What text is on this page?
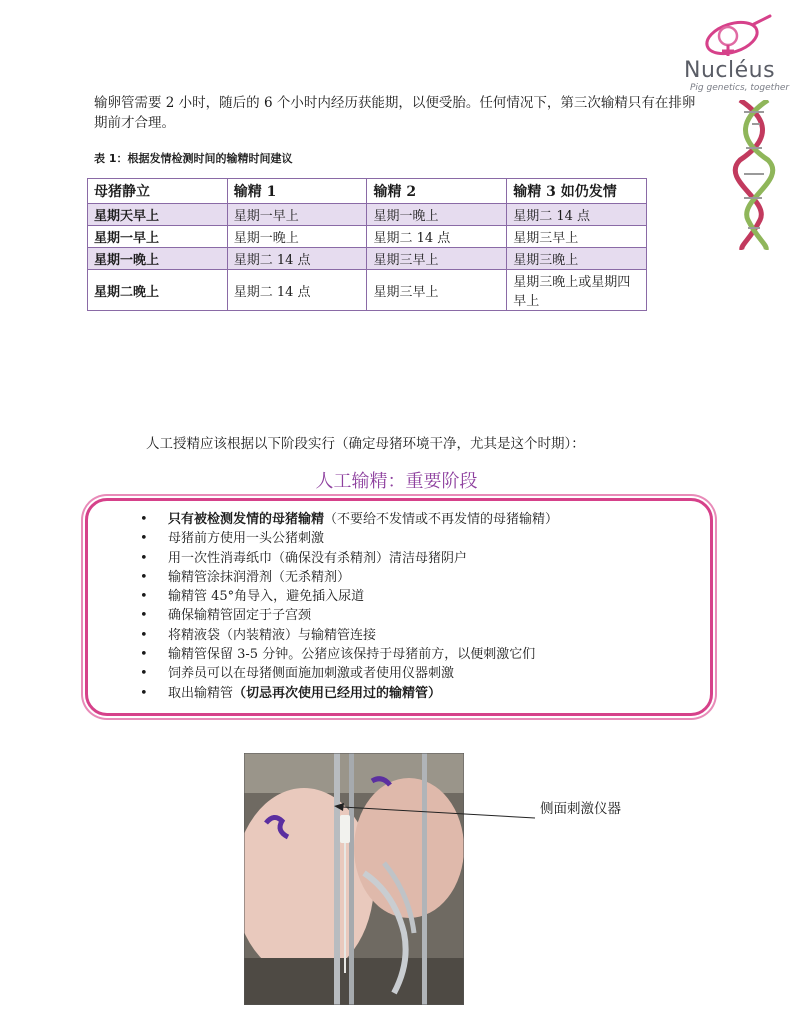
Nucléus
Pig genetics, together

输卵管需要 2 小时，随后的 6 个小时内经历获能期，以便受胎。任何情况下，第三次输精只有在排卵期前才合理。

表 1：根据发情检测时间的输精时间建议

母猪静立	输精 1	输精 2	输精 3 如仍发情
星期天早上	星期一早上	星期一晚上	星期二 14 点
星期一早上	星期一晚上	星期二 14 点	星期三早上
星期一晚上	星期二 14 点	星期三早上	星期三晚上
星期二晚上	星期二 14 点	星期三早上	星期三晚上或星期四早上

人工授精应该根据以下阶段实行（确定母猪环境干净，尤其是这个时期）：

人工输精：重要阶段
• 只有被检测发情的母猪输精（不要给不发情或不再发情的母猪输精）
• 母猪前方使用一头公猪刺激
• 用一次性消毒纸巾（确保没有杀精剂）清洁母猪阴户
• 输精管涂抹润滑剂（无杀精剂）
• 输精管 45°角导入，避免插入尿道
• 确保输精管固定于子宫颈
• 将精液袋（内装精液）与输精管连接
• 输精管保留 3-5 分钟。公猪应该保持于母猪前方，以便刺激它们
• 饲养员可以在母猪侧面施加刺激或者使用仪器刺激
• 取出输精管（切忌再次使用已经用过的输精管）

侧面刺激仪器
